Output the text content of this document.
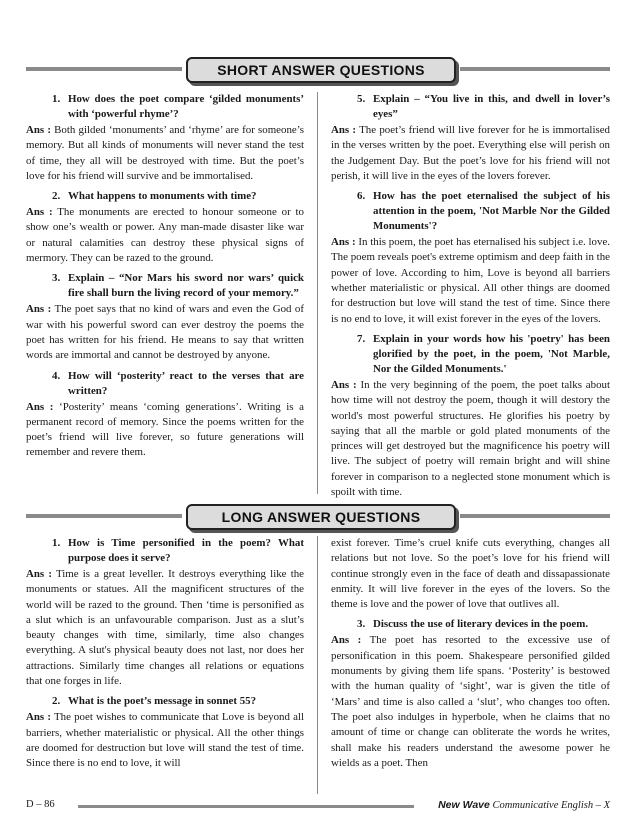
SHORT ANSWER QUESTIONS

1. How does the poet compare ‘gilded monuments’ with ‘powerful rhyme’?

Ans : Both gilded ‘monuments’ and ‘rhyme’ are for someone’s memory. But all kinds of monuments will never stand the test of time, they all will be destroyed with time. But the poet’s love for his friend will survive and be immortalised.

2. What happens to monuments with time?

Ans : The monuments are erected to honour someone or to show one’s wealth or power. Any man-made disaster like war or natural calamities can destroy these physical signs of mermory. They can be razed to the ground.

3. Explain – “Nor Mars his sword nor wars’ quick fire shall burn the living record of your memory.”

Ans : The poet says that no kind of wars and even the God of war with his powerful sword can ever destroy the poems the poet has written for his friend. He means to say that written words are immortal and cannot be destroyed by anyone.

4. How will ‘posterity’ react to the verses that are written?

Ans : ‘Posterity’ means ‘coming generations’. Writing is a permanent record of memory. Since the poems written for the poet’s friend will live forever, so future generations will remember and revere them.

5. Explain – “You live in this, and dwell in lover’s eyes”

Ans : The poet’s friend will live forever for he is immortalised in the verses written by the poet. Everything else will perish on the Judgement Day. But the poet’s love for his friend will not perish, it will live in the eyes of the lovers forever.

6. How has the poet eternalised the subject of his attention in the poem, 'Not Marble Nor the Gilded Monuments'?

Ans : In this poem, the poet has eternalised his subject i.e. love. The poem reveals poet's extreme optimism and deep faith in the power of love. According to him, Love is beyond all barriers whether materialistic or physical. All other things are doomed for destruction but love will stand the test of time. Since there is no end to love, it will exist forever in the eyes of the lovers.

7. Explain in your words how his 'poetry' has been glorified by the poet, in the poem, 'Not Marble, Nor the Gilded Monuments.'

Ans : In the very beginning of the poem, the poet talks about how time will not destroy the poem, though it will destory the world's most powerful structures. He glorifies his poetry by saying that all the marble or gold plated monuments of the princes will get destroyed but the magnificence his poetry will live. The subject of poetry will remain bright and will shine forever in comparison to a neglected stone monument which is spoilt with time.

LONG ANSWER QUESTIONS

1. How is Time personified in the poem? What purpose does it serve?

Ans : Time is a great leveller. It destroys everything like the monuments or statues. All the magnificent structures of the world will be razed to the ground. Then ‘time is personified as a slut which is an unfavourable comparison. Just as a slut’s beauty changes with time, similarly, time also changes everything. A slut's physical beauty does not last, nor does her attractions. Similarly time changes all relations or equations that one forges in life.

2. What is the poet’s message in sonnet 55?

Ans : The poet wishes to communicate that Love is beyond all barriers, whether materialistic or physical. All the other things are doomed for destruction but love will stand the test of time. Since there is no end to love, it will

exist forever. Time’s cruel knife cuts everything, changes all relations but not love. So the poet’s love for his friend will continue strongly even in the face of death and dissapassionate enmity. It will live forever in the eyes of the lovers. So the theme is love and the power of love that outlives all.

3. Discuss the use of literary devices in the poem.

Ans : The poet has resorted to the excessive use of personification in this poem. Shakespeare personified gilded monuments by giving them life spans. ‘Posterity’ is bestowed with the human quality of ‘sight’, war is given the title of ‘Mars’ and time is also called a ‘slut’, who changes too often. The poet also indulges in hyperbole, when he claims that no amount of time or change can obliterate the words he writes, shall make his readers understand the awesome power he wields as a poet. Then

D – 86	New Wave Communicative English – X
